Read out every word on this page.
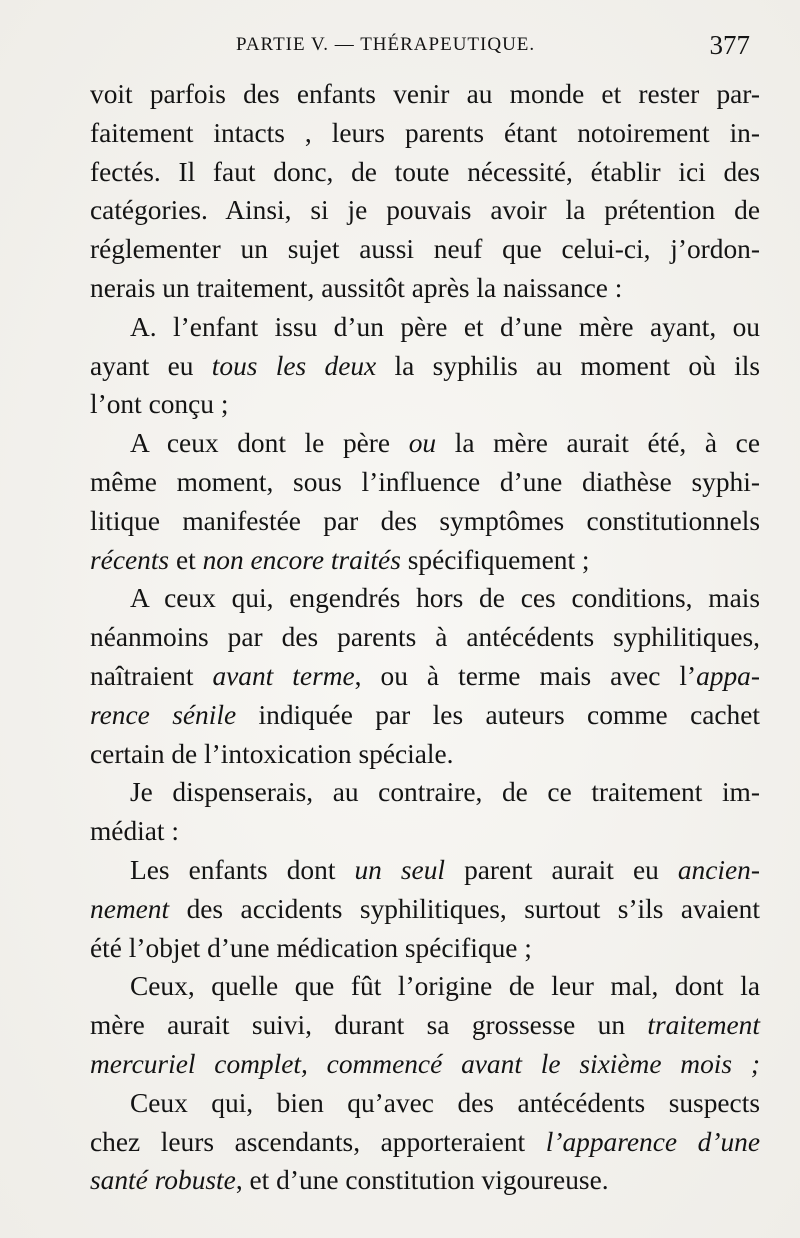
PARTIE V. — THÉRAPEUTIQUE.	377
voit parfois des enfants venir au monde et rester par-
faitement intacts , leurs parents étant notoirement in-
fectés. Il faut donc, de toute nécessité, établir ici des
catégories. Ainsi, si je pouvais avoir la prétention de
réglementer un sujet aussi neuf que celui-ci, j’ordon-
nerais un traitement, aussitôt après la naissance :
A. l’enfant issu d’un père et d’une mère ayant, ou
ayant eu tous les deux la syphilis au moment où ils
l’ont conçu ;
A ceux dont le père ou la mère aurait été, à ce
même moment, sous l’influence d’une diathèse syphi-
litique manifestée par des symptômes constitutionnels
récents et non encore traités spécifiquement ;
A ceux qui, engendrés hors de ces conditions, mais
néanmoins par des parents à antécédents syphilitiques,
naîtraient avant terme, ou à terme mais avec l’appa-
rence sénile indiquée par les auteurs comme cachet
certain de l’intoxication spéciale.
Je dispenserais, au contraire, de ce traitement im-
médiat :
Les enfants dont un seul parent aurait eu ancien-
nement des accidents syphilitiques, surtout s’ils avaient
été l’objet d’une médication spécifique ;
Ceux, quelle que fût l’origine de leur mal, dont la
mère aurait suivi, durant sa grossesse un traitement
mercuriel complet, commencé avant le sixième mois ;
Ceux qui, bien qu’avec des antécédents suspects
chez leurs ascendants, apporteraient l’apparence d’une
santé robuste, et d’une constitution vigoureuse.
